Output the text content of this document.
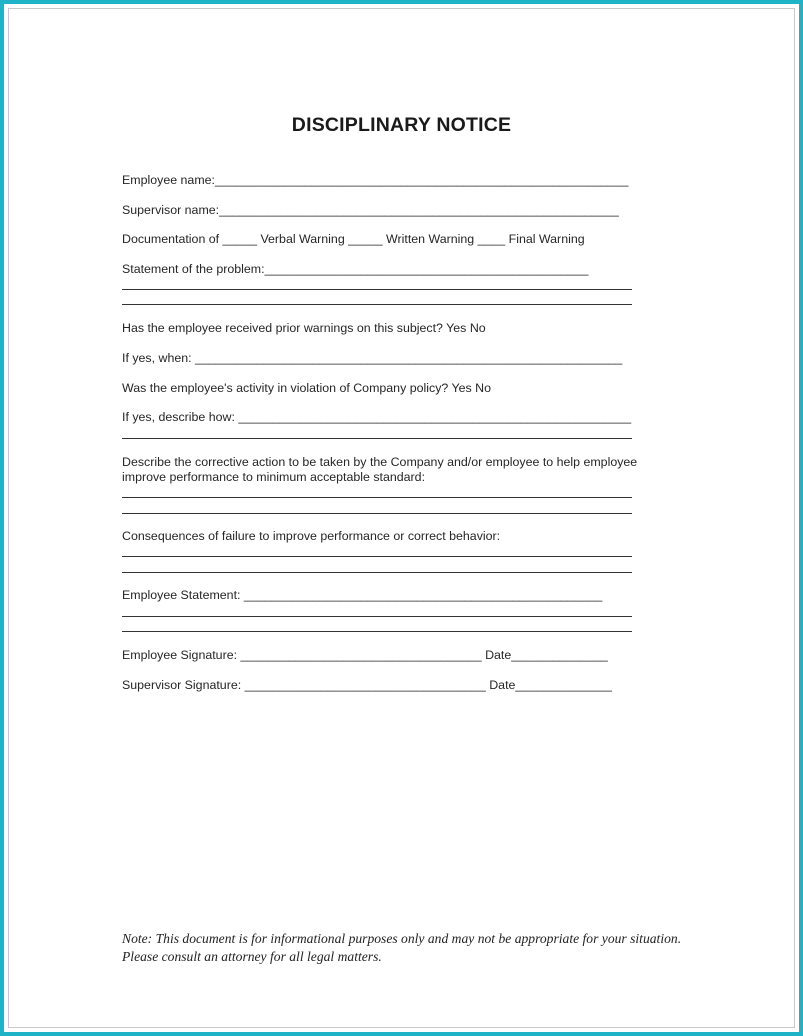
DISCIPLINARY NOTICE
Employee name:____________________________________________________________
Supervisor name:__________________________________________________________
Documentation of _____ Verbal Warning _____ Written Warning ____ Final Warning
Statement of the problem:_______________________________________________
Has the employee received prior warnings on this subject? Yes No
If yes, when: ______________________________________________________________
Was the employee's activity in violation of Company policy? Yes No
If yes, describe how: _________________________________________________________
Describe the corrective action to be taken by the Company and/or employee to help employee
improve performance to minimum acceptable standard:
Consequences of failure to improve performance or correct behavior:
Employee Statement: ____________________________________________________
Employee Signature: ___________________________________ Date______________
Supervisor Signature: ___________________________________ Date______________
Note: This document is for informational purposes only and may not be appropriate for your situation. Please consult an attorney for all legal matters.
